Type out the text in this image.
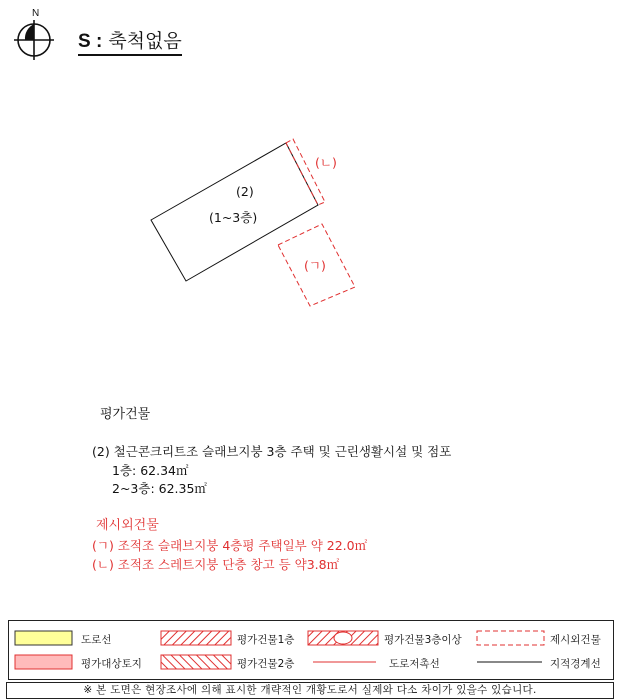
N
S : 축척없음
(2)
(1~3층)
(ㄴ)
(ㄱ)
평가건물
(2) 철근콘크리트조 슬래브지붕 3층 주택 및 근린생활시설 및 점포
1층: 62.34㎡
2~3층: 62.35㎡
제시외건물
(ㄱ) 조적조 슬래브지붕 4층평 주택일부 약 22.0㎡
(ㄴ) 조적조 스레트지붕 단층 창고 등 약3.8㎡
도로선	평가건물1층	평가건물3층이상	제시외건물
평가대상토지	평가건물2층	도로저촉선	지적경계선
※ 본 도면은 현장조사에 의해 표시한 개략적인 개황도로서 실제와 다소 차이가 있을수 있습니다.
